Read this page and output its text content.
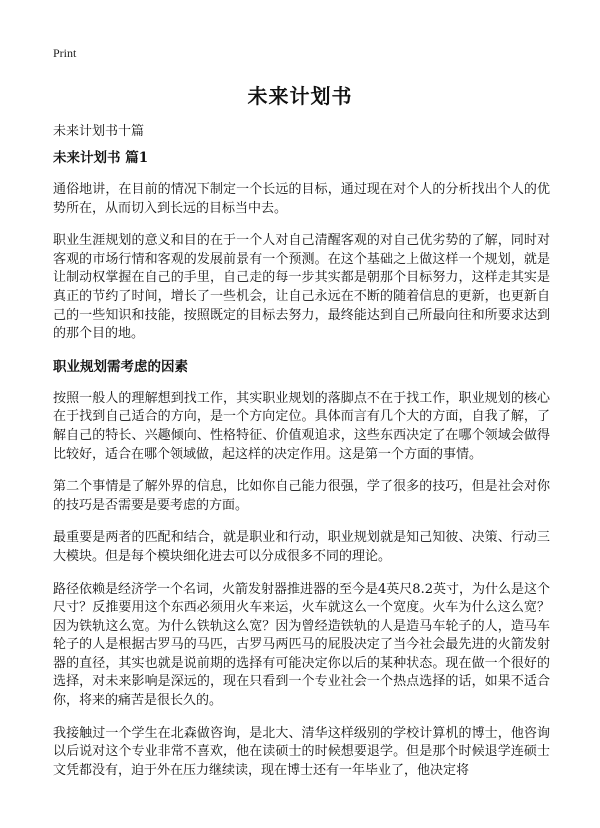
Print
未来计划书
未来计划书十篇
未来计划书 篇1

通俗地讲，在目前的情况下制定一个长远的目标，通过现在对个人的分析找出个人的优势所在，从而切入到长远的目标当中去。

职业生涯规划的意义和目的在于一个人对自己清醒客观的对自己优劣势的了解，同时对客观的市场行情和客观的发展前景有一个预测。在这个基础之上做这样一个规划，就是让制动权掌握在自己的手里，自己走的每一步其实都是朝那个目标努力，这样走其实是真正的节约了时间，增长了一些机会，让自己永远在不断的随着信息的更新，也更新自己的一些知识和技能，按照既定的目标去努力，最终能达到自己所最向往和所要求达到的那个目的地。

职业规划需考虑的因素

按照一般人的理解想到找工作，其实职业规划的落脚点不在于找工作，职业规划的核心在于找到自己适合的方向，是一个方向定位。具体而言有几个大的方面，自我了解，了解自己的特长、兴趣倾向、性格特征、价值观追求，这些东西决定了在哪个领域会做得比较好，适合在哪个领域做，起这样的决定作用。这是第一个方面的事情。

第二个事情是了解外界的信息，比如你自己能力很强，学了很多的技巧，但是社会对你的技巧是否需要是要考虑的方面。

最重要是两者的匹配和结合，就是职业和行动，职业规划就是知己知彼、决策、行动三大模块。但是每个模块细化进去可以分成很多不同的理论。

路径依赖是经济学一个名词，火箭发射器推进器的至今是4英尺8.2英寸，为什么是这个尺寸？反推要用这个东西必须用火车来运，火车就这么一个宽度。火车为什么这么宽？因为铁轨这么宽。为什么铁轨这么宽？因为曾经造铁轨的人是造马车轮子的人，造马车轮子的人是根据古罗马的马匹，古罗马两匹马的屁股决定了当今社会最先进的火箭发射器的直径，其实也就是说前期的选择有可能决定你以后的某种状态。现在做一个很好的选择，对未来影响是深远的，现在只看到一个专业社会一个热点选择的话，如果不适合你，将来的痛苦是很长久的。

我接触过一个学生在北森做咨询，是北大、清华这样级别的学校计算机的博士，他咨询以后说对这个专业非常不喜欢，他在读硕士的时候想要退学。但是那个时候退学连硕士文凭都没有，迫于外在压力继续读，现在博士还有一年毕业了，他决定将
